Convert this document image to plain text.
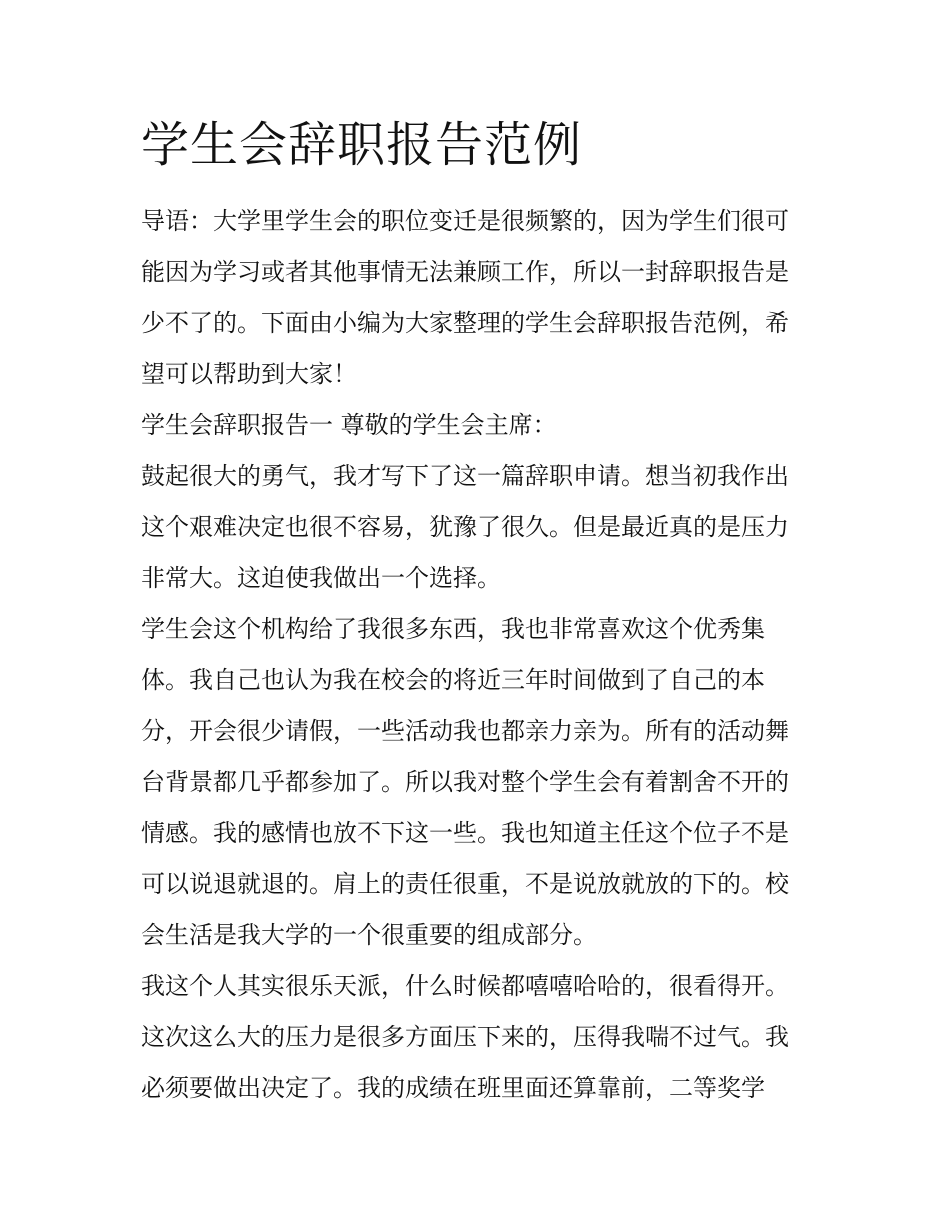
学生会辞职报告范例
导语：大学里学生会的职位变迁是很频繁的，因为学生们很可
能因为学习或者其他事情无法兼顾工作，所以一封辞职报告是
少不了的。下面由小编为大家整理的学生会辞职报告范例，希
望可以帮助到大家！
学生会辞职报告一 尊敬的学生会主席：
鼓起很大的勇气，我才写下了这一篇辞职申请。想当初我作出
这个艰难决定也很不容易，犹豫了很久。但是最近真的是压力
非常大。这迫使我做出一个选择。
学生会这个机构给了我很多东西，我也非常喜欢这个优秀集
体。我自己也认为我在校会的将近三年时间做到了自己的本
分，开会很少请假，一些活动我也都亲力亲为。所有的活动舞
台背景都几乎都参加了。所以我对整个学生会有着割舍不开的
情感。我的感情也放不下这一些。我也知道主任这个位子不是
可以说退就退的。肩上的责任很重，不是说放就放的下的。校
会生活是我大学的一个很重要的组成部分。
我这个人其实很乐天派，什么时候都嘻嘻哈哈的，很看得开。
这次这么大的压力是很多方面压下来的，压得我喘不过气。我
必须要做出决定了。我的成绩在班里面还算靠前，二等奖学
